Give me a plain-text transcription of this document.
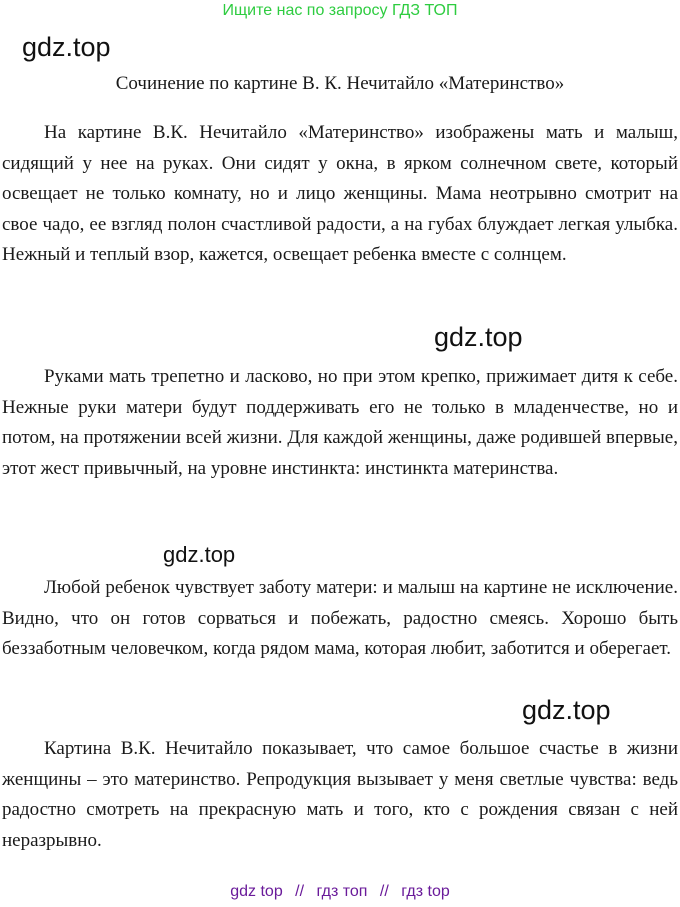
Ищите нас по запросу ГДЗ ТОП
gdz.top
Сочинение по картине В. К. Нечитайло «Материнство»

На картине В.К. Нечитайло «Материнство» изображены мать и малыш, сидящий у нее на руках. Они сидят у окна, в ярком солнечном свете, который освещает не только комнату, но и лицо женщины. Мама неотрывно смотрит на свое чадо, ее взгляд полон счастливой радости, а на губах блуждает легкая улыбка. Нежный и теплый взор, кажется, освещает ребенка вместе с солнцем.

gdz.top

Руками мать трепетно и ласково, но при этом крепко, прижимает дитя к себе. Нежные руки матери будут поддерживать его не только в младенчестве, но и потом, на протяжении всей жизни. Для каждой женщины, даже родившей впервые, этот жест привычный, на уровне инстинкта: инстинкта материнства.

gdz.top

Любой ребенок чувствует заботу матери: и малыш на картине не исключение. Видно, что он готов сорваться и побежать, радостно смеясь. Хорошо быть беззаботным человечком, когда рядом мама, которая любит, заботится и оберегает.

gdz.top

Картина В.К. Нечитайло показывает, что самое большое счастье в жизни женщины – это материнство. Репродукция вызывает у меня светлые чувства: ведь радостно смотреть на прекрасную мать и того, кто с рождения связан с ней неразрывно.

gdz top // гдз топ // гдз top
